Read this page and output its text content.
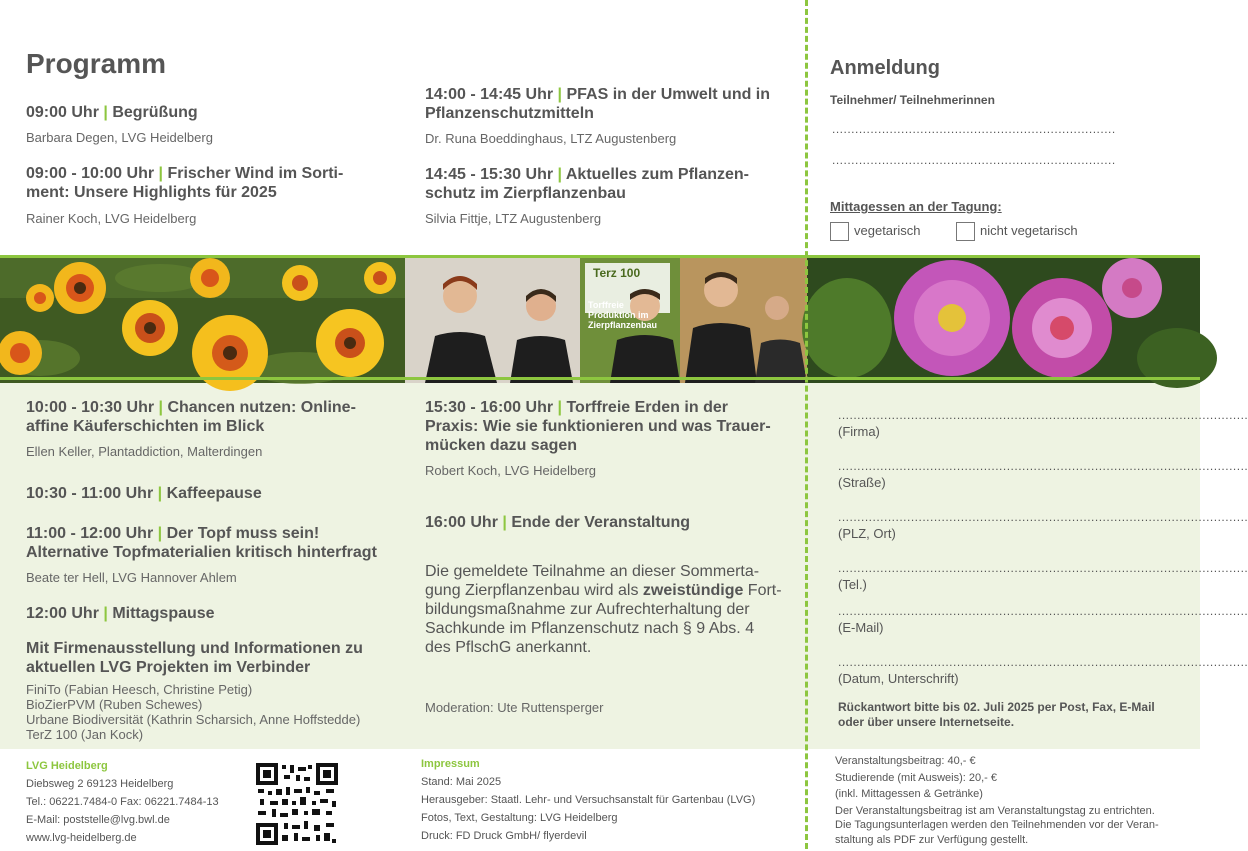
Programm
09:00 Uhr | Begrüßung
Barbara Degen, LVG Heidelberg
09:00 - 10:00 Uhr | Frischer Wind im Sorti-
ment: Unsere Highlights für 2025
Rainer Koch, LVG Heidelberg
14:00 - 14:45 Uhr | PFAS in der Umwelt und in
Pflanzenschutzmitteln
Dr. Runa Boeddinghaus, LTZ Augustenberg
14:45 - 15:30 Uhr | Aktuelles zum Pflanzen-
schutz im Zierpflanzenbau
Silvia Fittje, LTZ Augustenberg
Anmeldung
Teilnehmer/ Teilnehmerinnen
..........................................................................
..........................................................................
Mittagessen an der Tagung:
vegetarisch	nicht vegetarisch
Torffreie Produktion im Zierpflanzenbau
Terz 100
10:00 - 10:30 Uhr | Chancen nutzen: Online-
affine Käuferschichten im Blick
Ellen Keller, Plantaddiction, Malterdingen
10:30 - 11:00 Uhr | Kaffeepause
11:00 - 12:00 Uhr | Der Topf muss sein!
Alternative Topfmaterialien kritisch hinterfragt
Beate ter Hell, LVG Hannover Ahlem
12:00 Uhr | Mittagspause
Mit Firmenausstellung und Informationen zu
aktuellen LVG Projekten im Verbinder
FiniTo (Fabian Heesch, Christine Petig)
BioZierPVM (Ruben Schewes)
Urbane Biodiversität (Kathrin Scharsich, Anne Hoffstedde)
TerZ 100 (Jan Kock)
15:30 - 16:00 Uhr | Torffreie Erden in der
Praxis: Wie sie funktionieren und was Trauer-
mücken dazu sagen
Robert Koch, LVG Heidelberg
16:00 Uhr | Ende der Veranstaltung
Die gemeldete Teilnahme an dieser Sommerta-
gung Zierpflanzenbau wird als zweistündige Fort-
bildungsmaßnahme zur Aufrechterhaltung der
Sachkunde im Pflanzenschutz nach § 9 Abs. 4
des PflschG anerkannt.
Moderation: Ute Ruttensperger
...........................................................................................................
(Firma)
...........................................................................................................
(Straße)
...........................................................................................................
(PLZ, Ort)
...........................................................................................................
(Tel.)
...........................................................................................................
(E-Mail)
...........................................................................................................
(Datum, Unterschrift)
Rückantwort bitte bis 02. Juli 2025 per Post, Fax, E-Mail
oder über unsere Internetseite.
LVG Heidelberg
Diebsweg 2 69123 Heidelberg
Tel.: 06221.7484-0 Fax: 06221.7484-13
E-Mail: poststelle@lvg.bwl.de
www.lvg-heidelberg.de
Impressum
Stand: Mai 2025
Herausgeber: Staatl. Lehr- und Versuchsanstalt für Gartenbau (LVG)
Fotos, Text, Gestaltung: LVG Heidelberg
Druck: FD Druck GmbH/ flyerdevil
Veranstaltungsbeitrag: 40,- €
Studierende (mit Ausweis): 20,- €
(inkl. Mittagessen & Getränke)
Der Veranstaltungsbeitrag ist am Veranstaltungstag zu entrichten.
Die Tagungsunterlagen werden den Teilnehmenden vor der Veran-
staltung als PDF zur Verfügung gestellt.
